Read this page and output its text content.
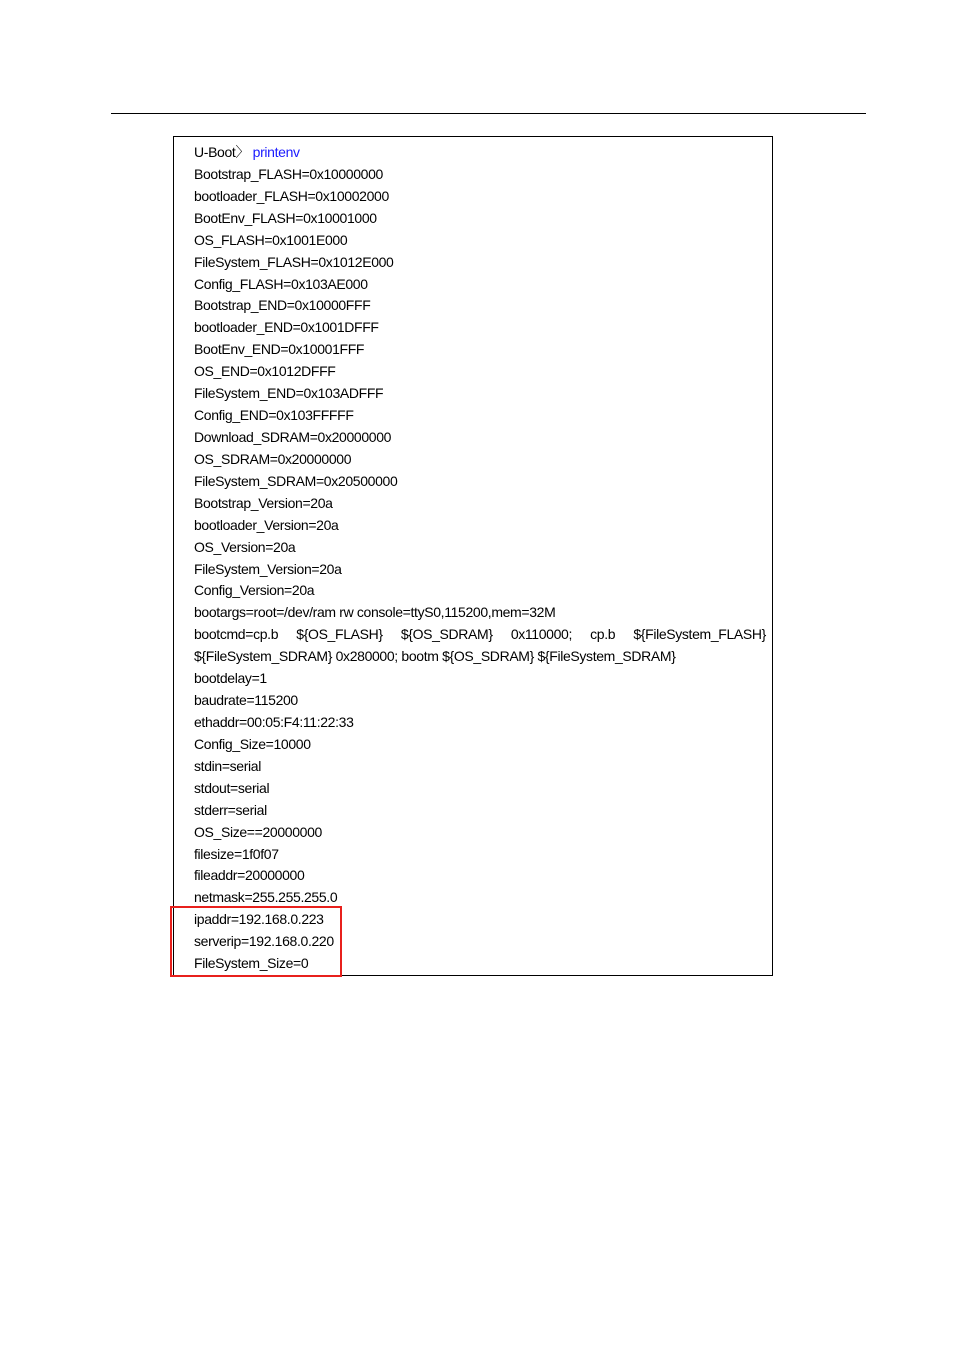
U-Boot〉 printenv
Bootstrap_FLASH=0x10000000
bootloader_FLASH=0x10002000
BootEnv_FLASH=0x10001000
OS_FLASH=0x1001E000
FileSystem_FLASH=0x1012E000
Config_FLASH=0x103AE000
Bootstrap_END=0x10000FFF
bootloader_END=0x1001DFFF
BootEnv_END=0x10001FFF
OS_END=0x1012DFFF
FileSystem_END=0x103ADFFF
Config_END=0x103FFFFF
Download_SDRAM=0x20000000
OS_SDRAM=0x20000000
FileSystem_SDRAM=0x20500000
Bootstrap_Version=20a
bootloader_Version=20a
OS_Version=20a
FileSystem_Version=20a
Config_Version=20a
bootargs=root=/dev/ram rw console=ttyS0,115200,mem=32M
bootcmd=cp.b ${OS_FLASH} ${OS_SDRAM} 0x110000; cp.b ${FileSystem_FLASH}
${FileSystem_SDRAM} 0x280000; bootm ${OS_SDRAM} ${FileSystem_SDRAM}
bootdelay=1
baudrate=115200
ethaddr=00:05:F4:11:22:33
Config_Size=10000
stdin=serial
stdout=serial
stderr=serial
OS_Size==20000000
filesize=1f0f07
fileaddr=20000000
netmask=255.255.255.0
ipaddr=192.168.0.223
serverip=192.168.0.220
FileSystem_Size=0
